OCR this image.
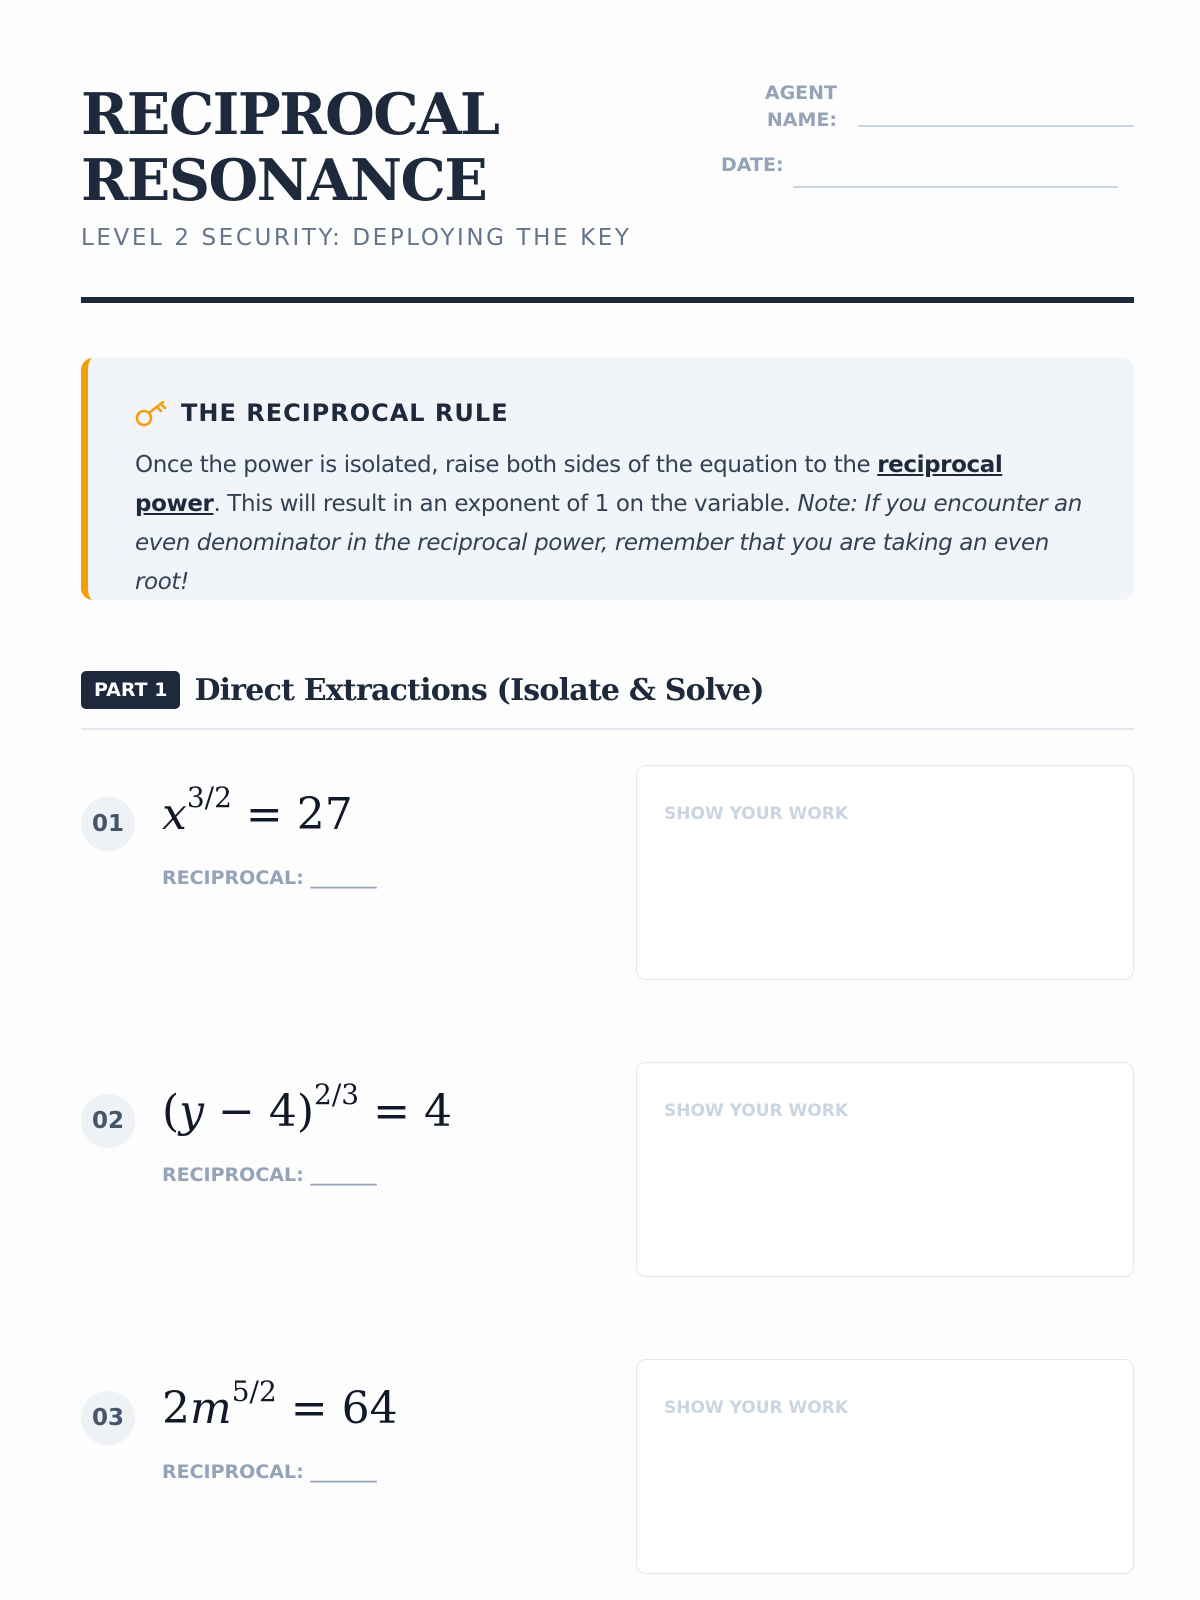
RECIPROCAL
RESONANCE
LEVEL 2 SECURITY: DEPLOYING THE KEY
AGENT
NAME:
DATE:
THE RECIPROCAL RULE
Once the power is isolated, raise both sides of the equation to the reciprocal power. This will result in an exponent of 1 on the variable. Note: If you encounter an even denominator in the reciprocal power, remember that you are taking an even root!
PART 1 Direct Extractions (Isolate & Solve)
01 $x^{3/2} = 27$
RECIPROCAL: _______
SHOW YOUR WORK
02 $(y - 4)^{2/3} = 4$
RECIPROCAL: _______
SHOW YOUR WORK
03 $2m^{5/2} = 64$
RECIPROCAL: _______
SHOW YOUR WORK
